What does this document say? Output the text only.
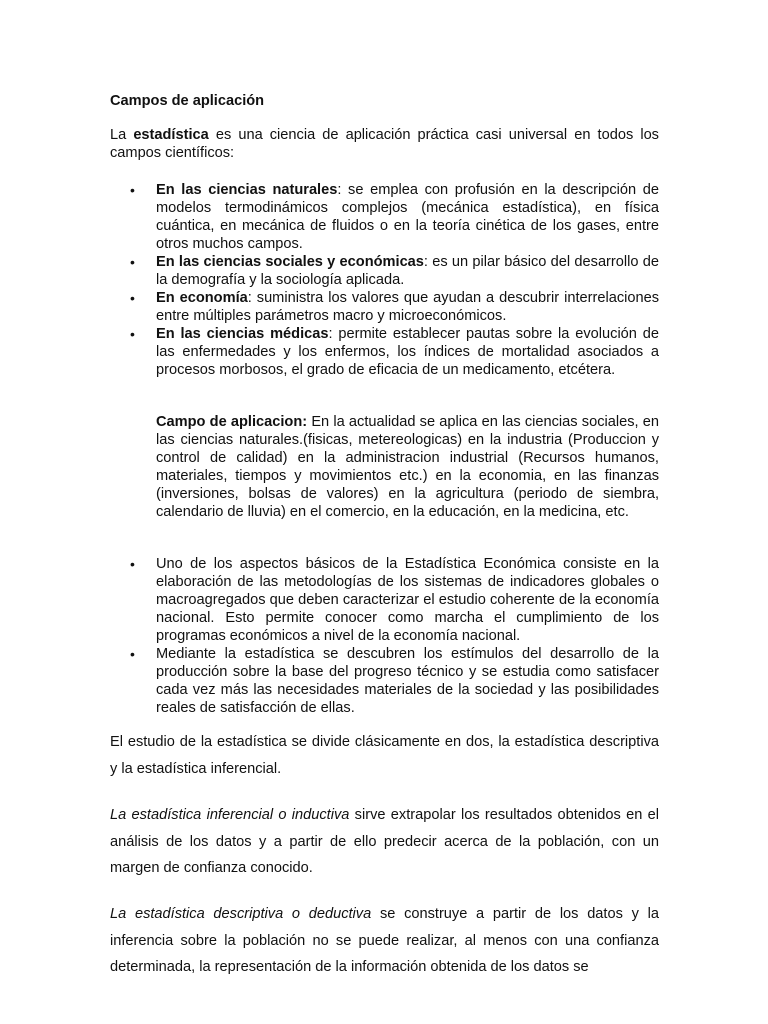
Campos de aplicación
La estadística es una ciencia de aplicación práctica casi universal en todos los campos científicos:
• En las ciencias naturales: se emplea con profusión en la descripción de modelos termodinámicos complejos (mecánica estadística), en física cuántica, en mecánica de fluidos o en la teoría cinética de los gases, entre otros muchos campos.
• En las ciencias sociales y económicas: es un pilar básico del desarrollo de la demografía y la sociología aplicada.
• En economía: suministra los valores que ayudan a descubrir interrelaciones entre múltiples parámetros macro y microeconómicos.
• En las ciencias médicas: permite establecer pautas sobre la evolución de las enfermedades y los enfermos, los índices de mortalidad asociados a procesos morbosos, el grado de eficacia de un medicamento, etcétera.
Campo de aplicacion: En la actualidad se aplica en las ciencias sociales, en las ciencias naturales.(fisicas, metereologicas) en la industria (Produccion y control de calidad) en la administracion industrial (Recursos humanos, materiales, tiempos y movimientos etc.) en la economia, en las finanzas (inversiones, bolsas de valores) en la agricultura (periodo de siembra, calendario de lluvia) en el comercio, en la educación, en la medicina, etc.
• Uno de los aspectos básicos de la Estadística Económica consiste en la elaboración de las metodologías de los sistemas de indicadores globales o macroagregados que deben caracterizar el estudio coherente de la economía nacional. Esto permite conocer como marcha el cumplimiento de los programas económicos a nivel de la economía nacional.
• Mediante la estadística se descubren los estímulos del desarrollo de la producción sobre la base del progreso técnico y se estudia como satisfacer cada vez más las necesidades materiales de la sociedad y las posibilidades reales de satisfacción de ellas.
El estudio de la estadística se divide clásicamente en dos, la estadística descriptiva y la estadística inferencial.
La estadística inferencial o inductiva sirve extrapolar los resultados obtenidos en el análisis de los datos y a partir de ello predecir acerca de la población, con un margen de confianza conocido.
La estadística descriptiva o deductiva se construye a partir de los datos y la inferencia sobre la población no se puede realizar, al menos con una confianza determinada, la representación de la información obtenida de los datos se
